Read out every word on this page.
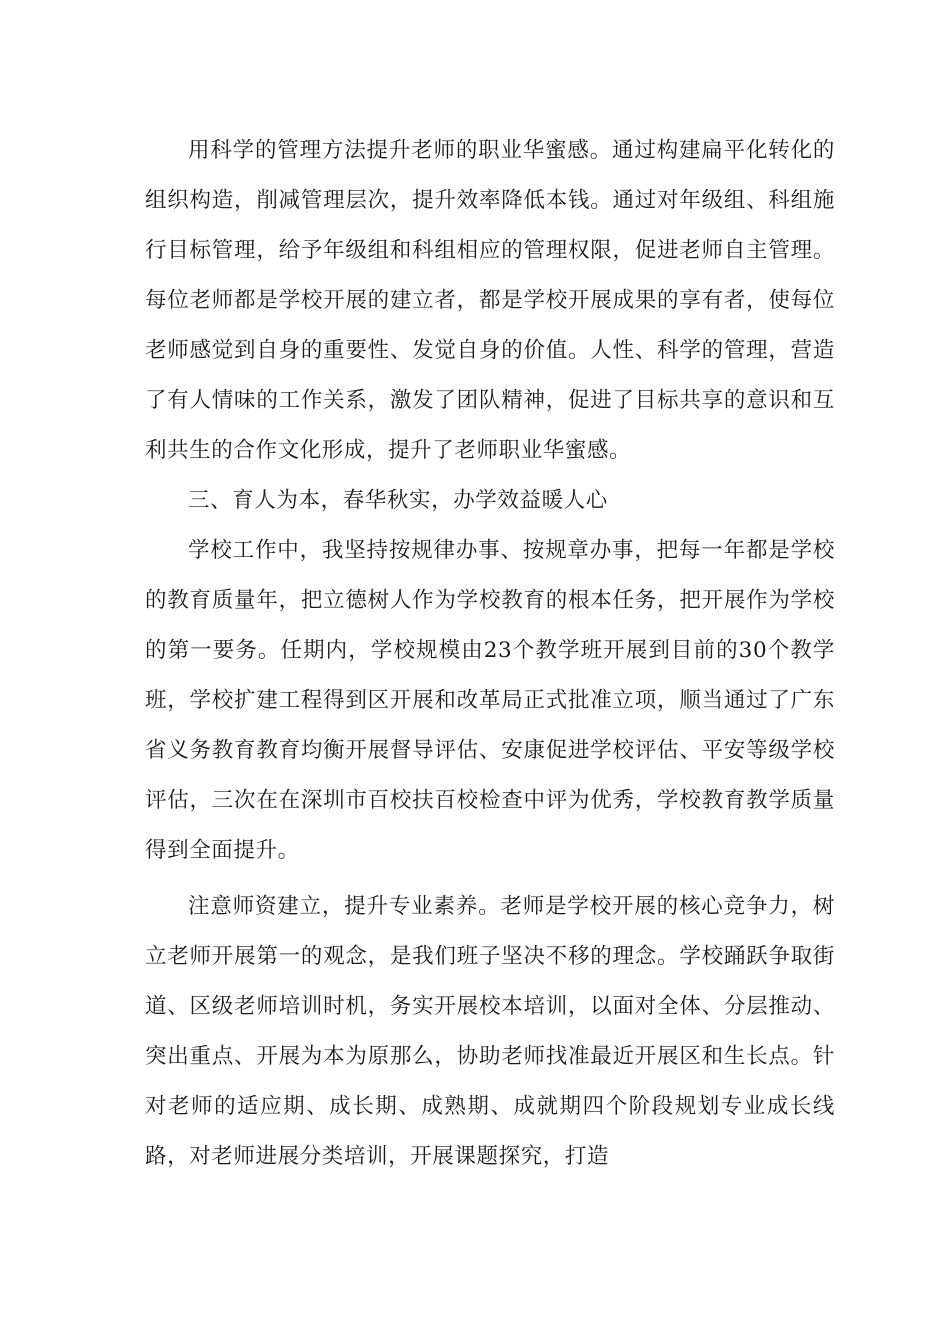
用科学的管理方法提升老师的职业华蜜感。通过构建扁平化转化的组织构造，削减管理层次，提升效率降低本钱。通过对年级组、科组施行目标管理，给予年级组和科组相应的管理权限，促进老师自主管理。每位老师都是学校开展的建立者，都是学校开展成果的享有者，使每位老师感觉到自身的重要性、发觉自身的价值。人性、科学的管理，营造了有人情味的工作关系，激发了团队精神，促进了目标共享的意识和互利共生的合作文化形成，提升了老师职业华蜜感。

三、育人为本，春华秋实，办学效益暖人心

学校工作中，我坚持按规律办事、按规章办事，把每一年都是学校的教育质量年，把立德树人作为学校教育的根本任务，把开展作为学校的第一要务。任期内，学校规模由23个教学班开展到目前的30个教学班，学校扩建工程得到区开展和改革局正式批准立项，顺当通过了广东省义务教育教育均衡开展督导评估、安康促进学校评估、平安等级学校评估，三次在在深圳市百校扶百校检查中评为优秀，学校教育教学质量得到全面提升。

注意师资建立，提升专业素养。老师是学校开展的核心竞争力，树立老师开展第一的观念，是我们班子坚决不移的理念。学校踊跃争取街道、区级老师培训时机，务实开展校本培训，以面对全体、分层推动、突出重点、开展为本为原那么，协助老师找准最近开展区和生长点。针对老师的适应期、成长期、成熟期、成就期四个阶段规划专业成长线路，对老师进展分类培训，开展课题探究，打造
